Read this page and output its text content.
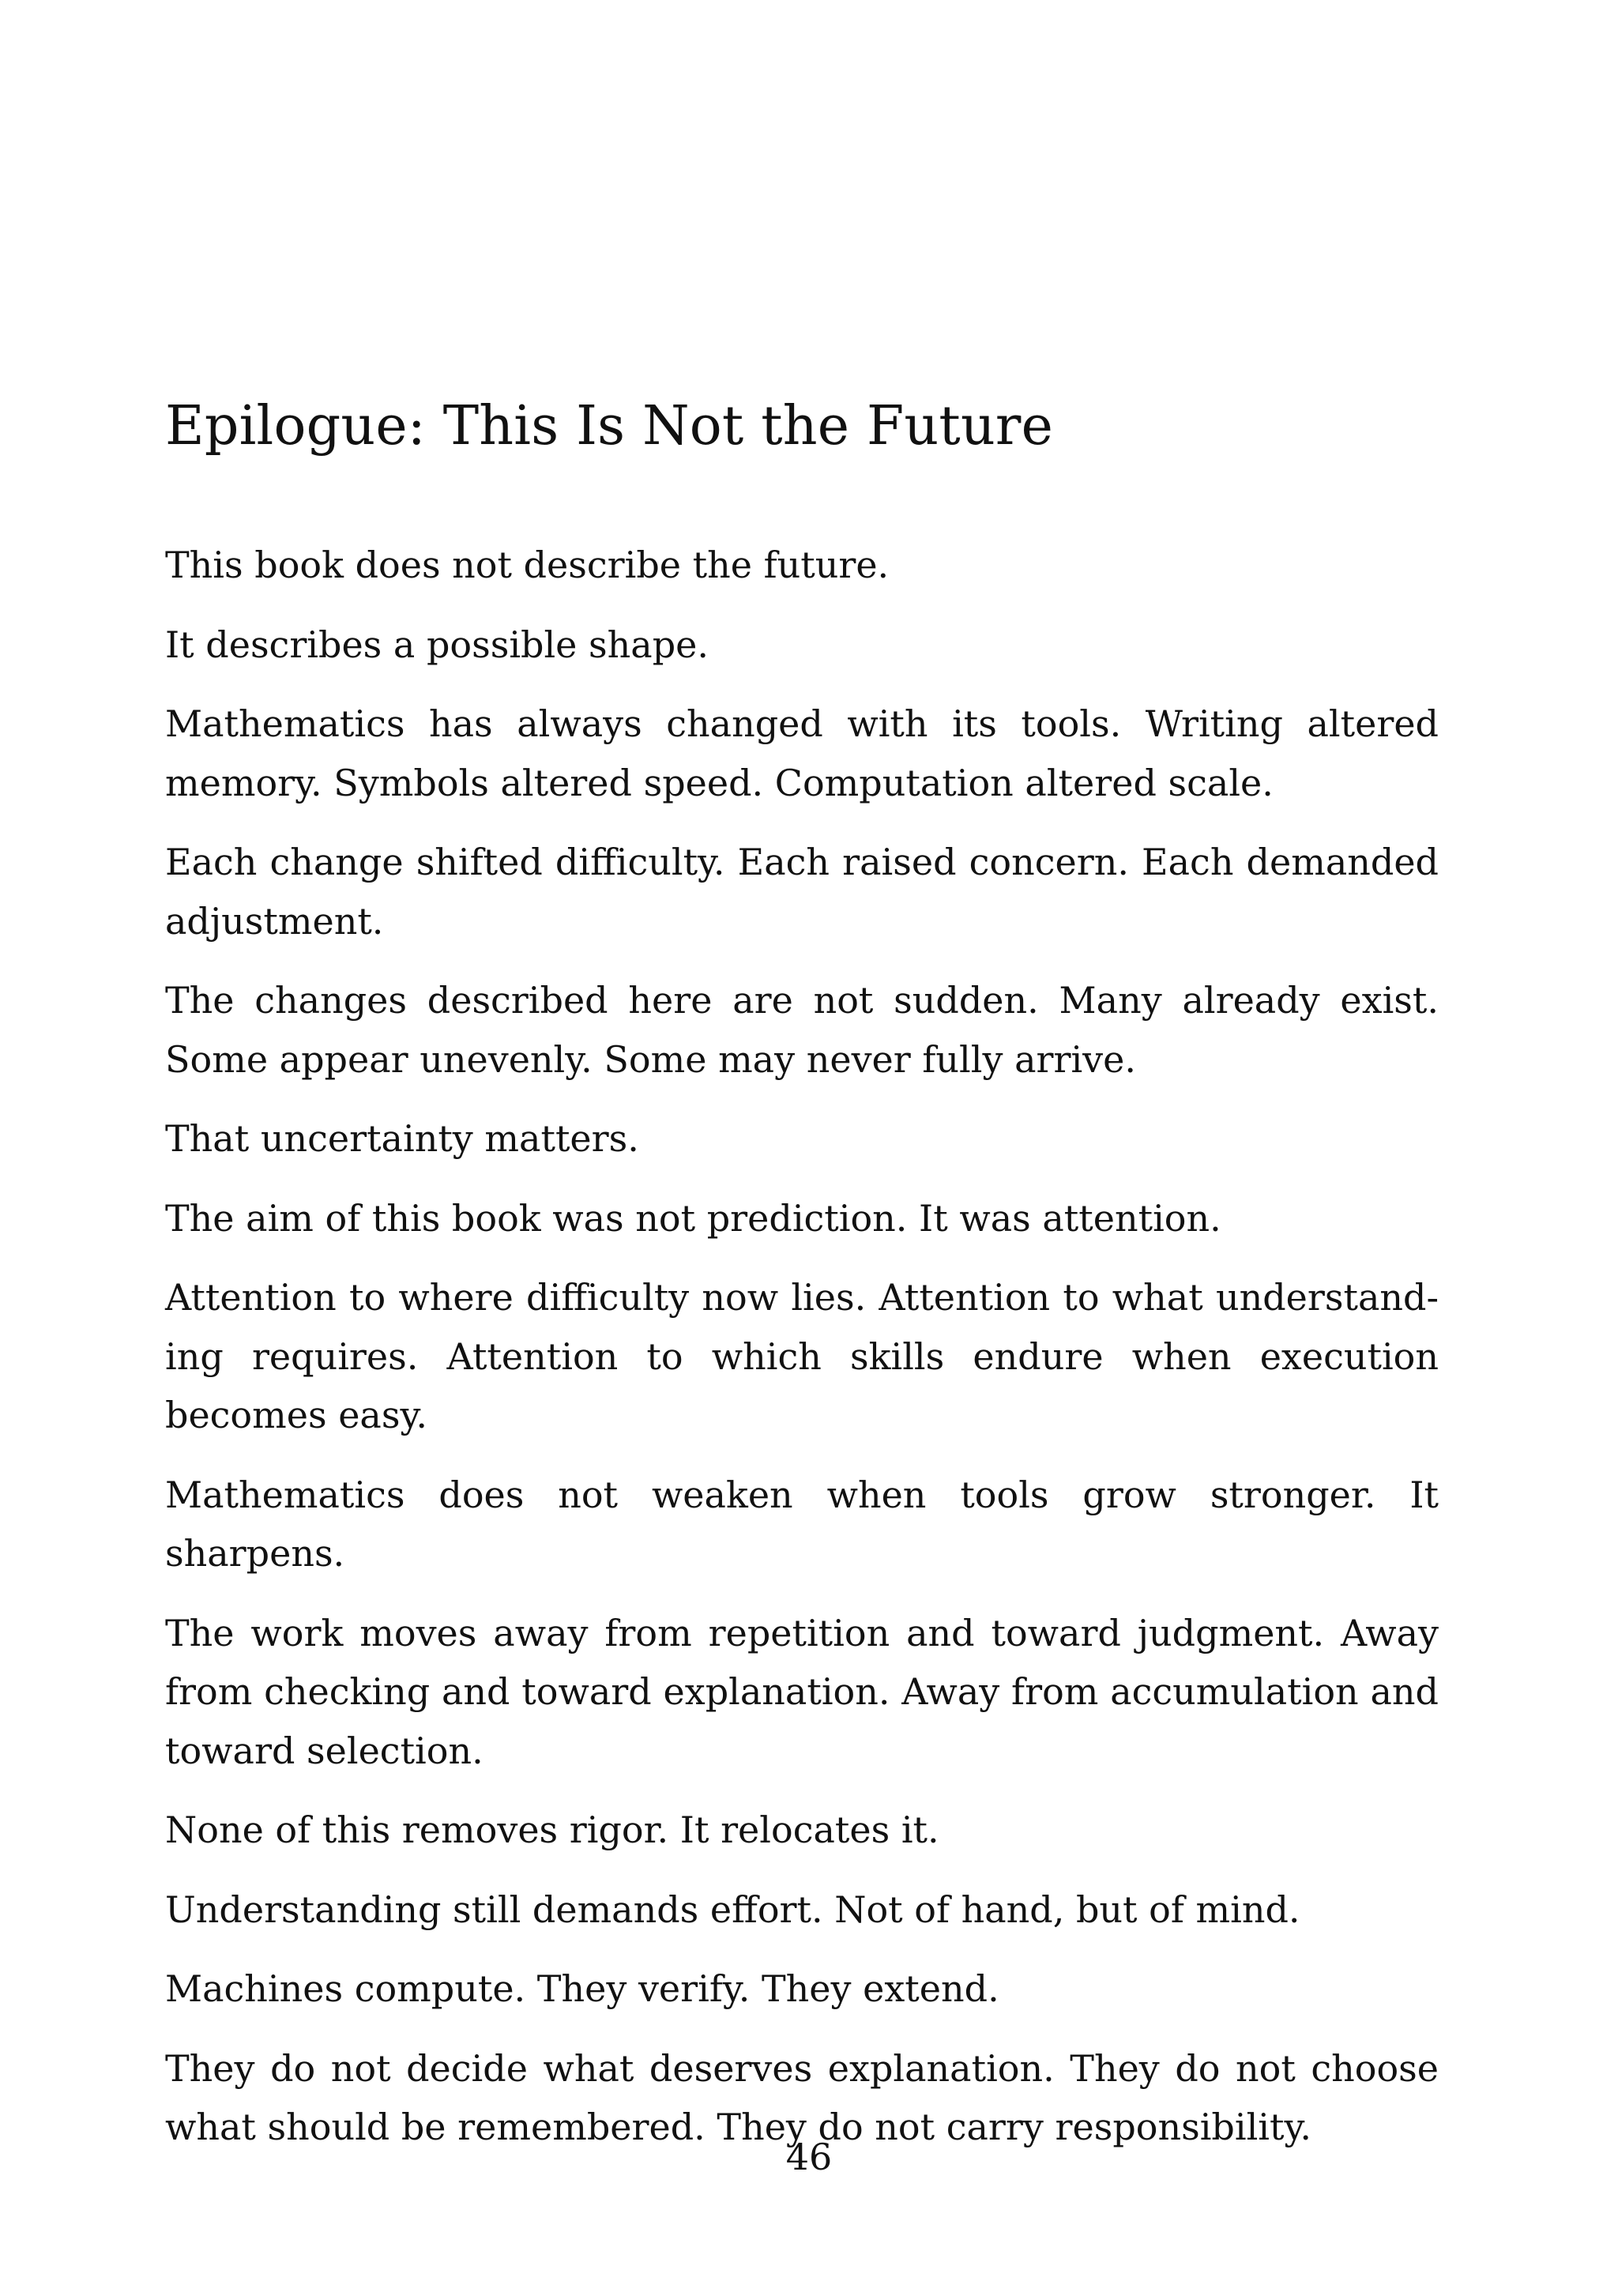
Epilogue: This Is Not the Future

This book does not describe the future.

It describes a possible shape.

Mathematics has always changed with its tools. Writing altered memory. Symbols altered speed. Computation altered scale.

Each change shifted difficulty. Each raised concern. Each demanded adjustment.

The changes described here are not sudden. Many already exist. Some appear unevenly. Some may never fully arrive.

That uncertainty matters.

The aim of this book was not prediction. It was attention.

Attention to where difficulty now lies. Attention to what understanding requires. Attention to which skills endure when execution becomes easy.

Mathematics does not weaken when tools grow stronger. It sharpens.

The work moves away from repetition and toward judgment. Away from checking and toward explanation. Away from accumulation and toward selection.

None of this removes rigor. It relocates it.

Understanding still demands effort. Not of hand, but of mind.

Machines compute. They verify. They extend.

They do not decide what deserves explanation. They do not choose what should be remembered. They do not carry responsibility.

46
